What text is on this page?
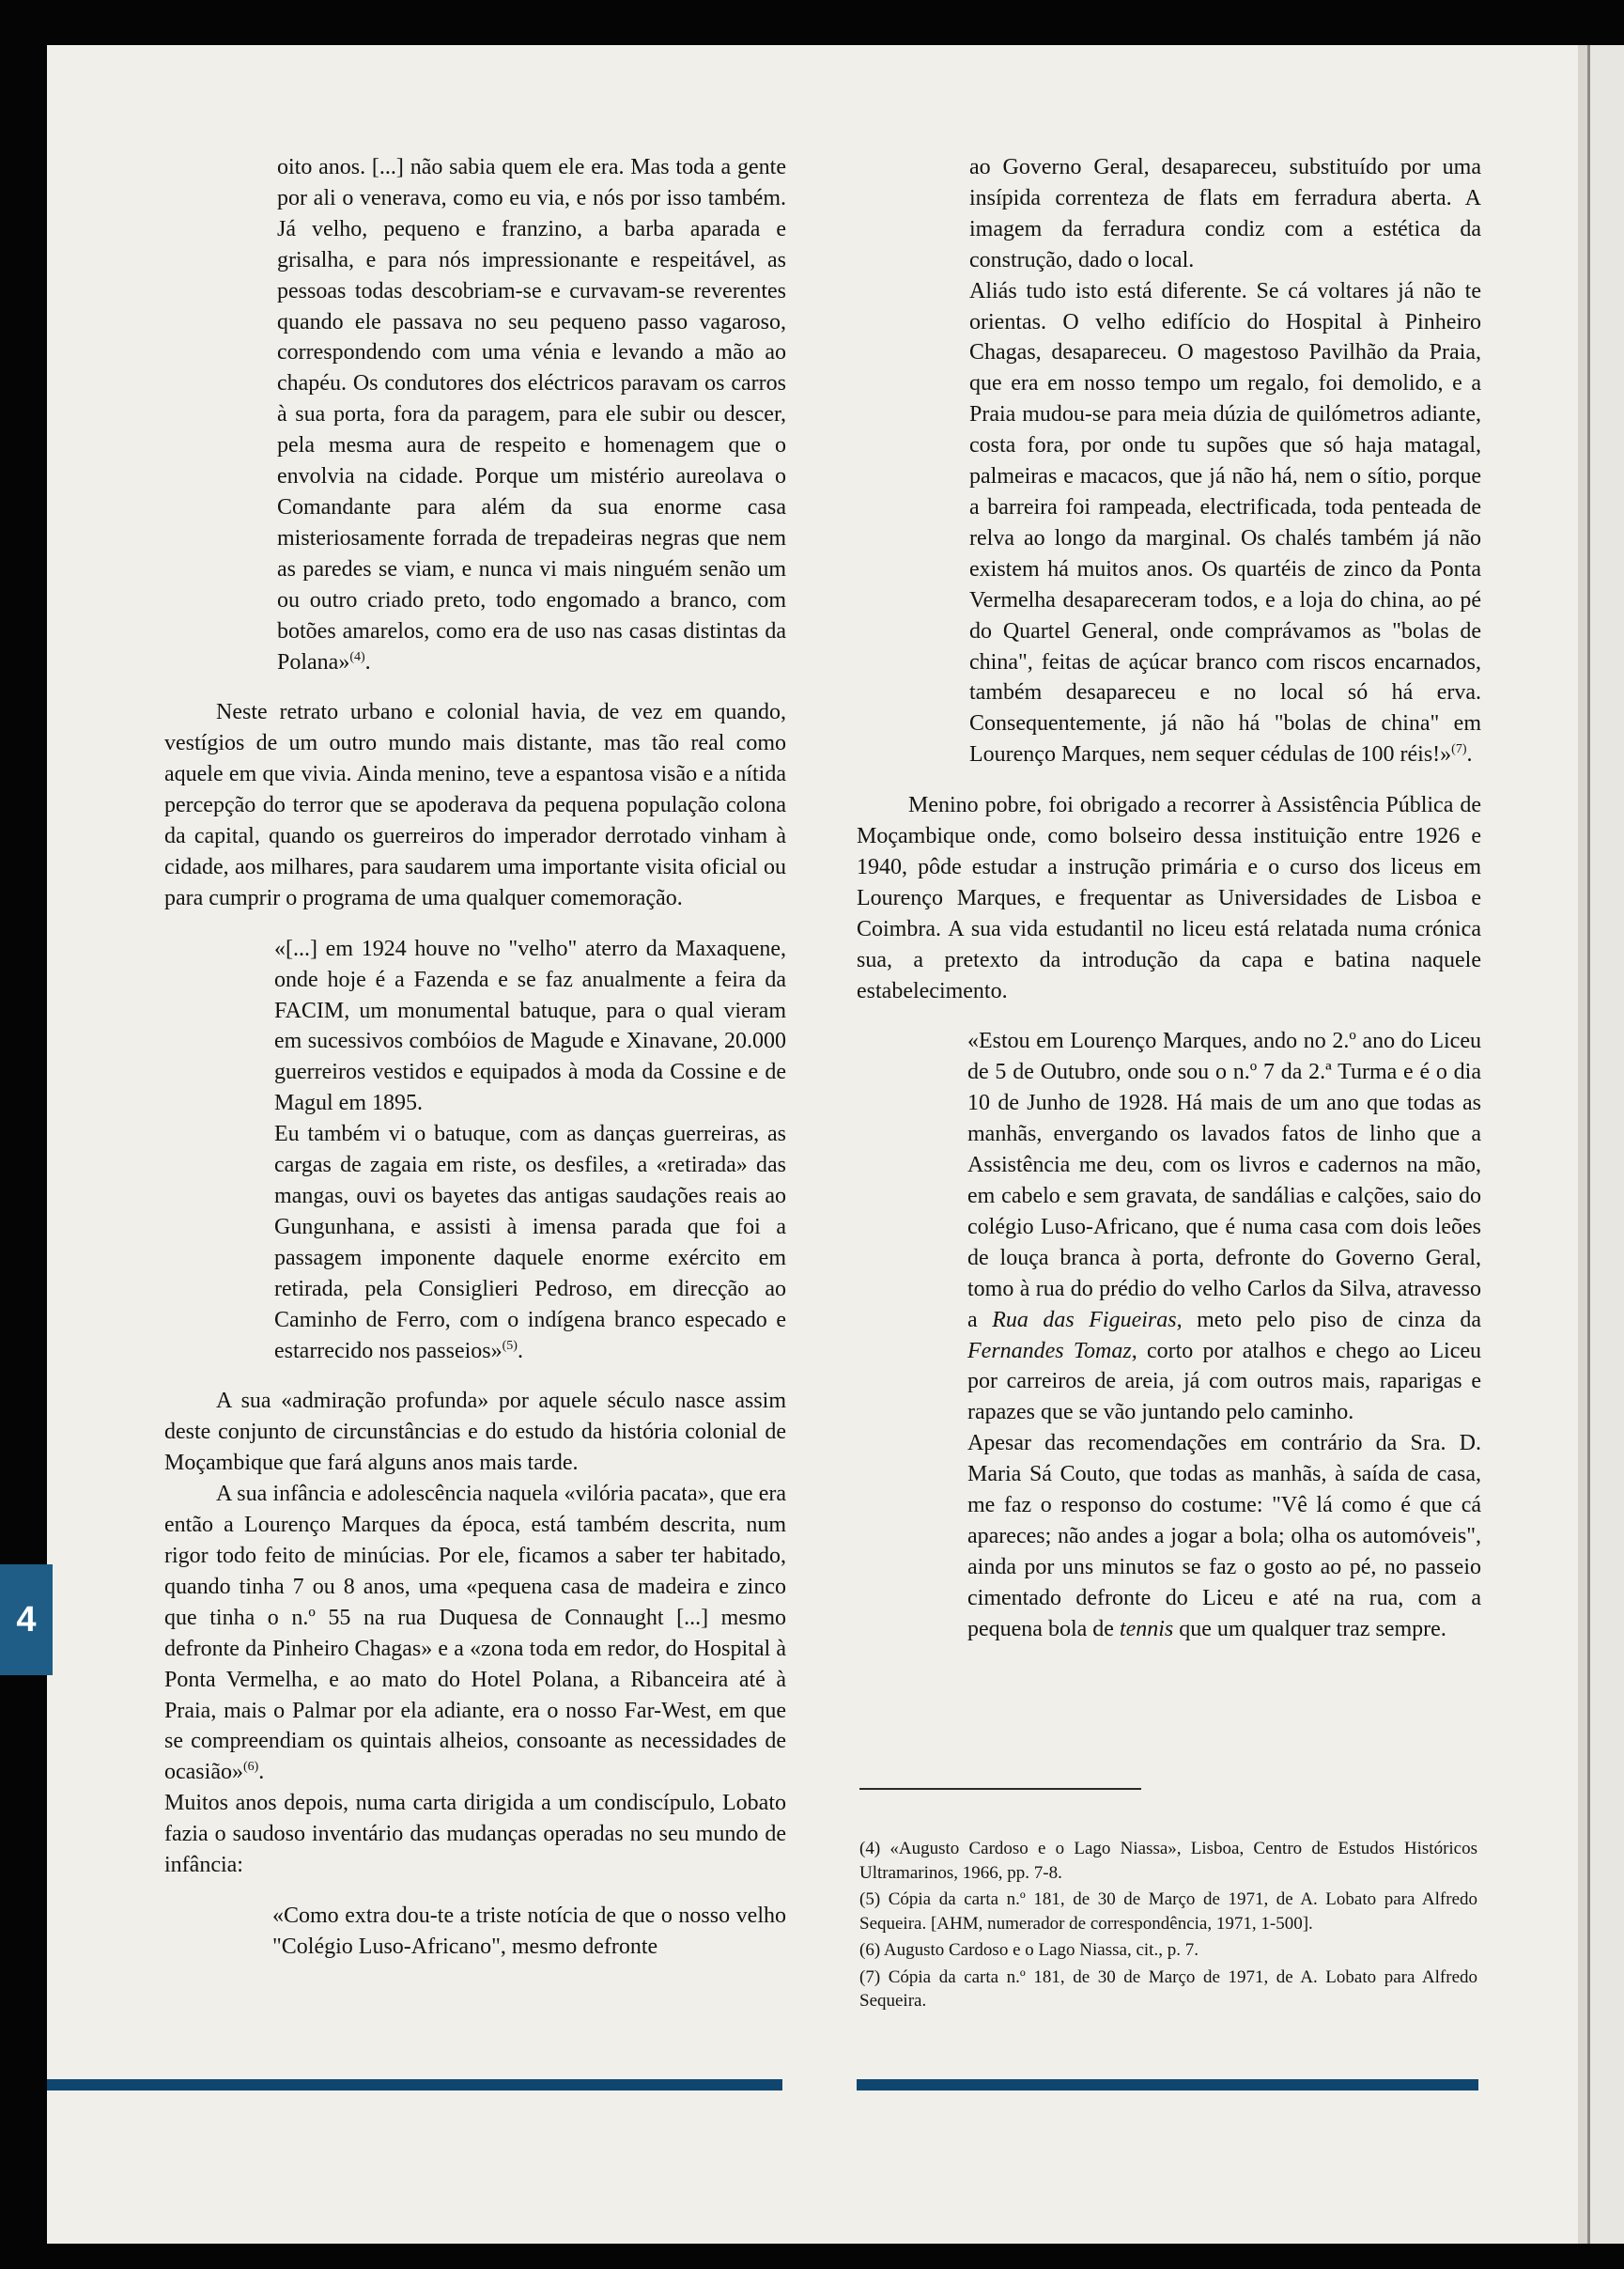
4

oito anos. [...] não sabia quem ele era. Mas toda a gente por ali o venerava, como eu via, e nós por isso também. Já velho, pequeno e franzino, a barba aparada e grisalha, e para nós impressionante e respeitável, as pessoas todas descobriam-se e curvavam-se reverentes quando ele passava no seu pequeno passo vagaroso, correspondendo com uma vénia e levando a mão ao chapéu. Os condutores dos eléctricos paravam os carros à sua porta, fora da paragem, para ele subir ou descer, pela mesma aura de respeito e homenagem que o envolvia na cidade. Porque um mistério aureolava o Comandante para além da sua enorme casa misteriosamente forrada de trepadeiras negras que nem as paredes se viam, e nunca vi mais ninguém senão um ou outro criado preto, todo engomado a branco, com botões amarelos, como era de uso nas casas distintas da Polana»$^{(4)}$.

Neste retrato urbano e colonial havia, de vez em quando, vestígios de um outro mundo mais distante, mas tão real como aquele em que vivia. Ainda menino, teve a espantosa visão e a nítida percepção do terror que se apoderava da pequena população colona da capital, quando os guerreiros do imperador derrotado vinham à cidade, aos milhares, para saudarem uma importante visita oficial ou para cumprir o programa de uma qualquer comemoração.

«[...] em 1924 houve no "velho" aterro da Maxaquene, onde hoje é a Fazenda e se faz anualmente a feira da FACIM, um monumental batuque, para o qual vieram em sucessivos combóios de Magude e Xinavane, 20.000 guerreiros vestidos e equipados à moda da Cossine e de Magul em 1895.

Eu também vi o batuque, com as danças guerreiras, as cargas de zagaia em riste, os desfiles, a «retirada» das mangas, ouvi os bayetes das antigas saudações reais ao Gungunhana, e assisti à imensa parada que foi a passagem imponente daquele enorme exército em retirada, pela Consiglieri Pedroso, em direcção ao Caminho de Ferro, com o indígena branco especado e estarrecido nos passeios»$^{(5)}$.

A sua «admiração profunda» por aquele século nasce assim deste conjunto de circunstâncias e do estudo da história colonial de Moçambique que fará alguns anos mais tarde.

A sua infância e adolescência naquela «vilória pacata», que era então a Lourenço Marques da época, está também descrita, num rigor todo feito de minúcias. Por ele, ficamos a saber ter habitado, quando tinha 7 ou 8 anos, uma «pequena casa de madeira e zinco que tinha o n.º 55 na rua Duquesa de Connaught [...] mesmo defronte da Pinheiro Chagas» e a «zona toda em redor, do Hospital à Ponta Vermelha, e ao mato do Hotel Polana, a Ribanceira até à Praia, mais o Palmar por ela adiante, era o nosso Far-West, em que se compreendiam os quintais alheios, consoante as necessidades de ocasião»$^{(6)}$.

Muitos anos depois, numa carta dirigida a um condiscípulo, Lobato fazia o saudoso inventário das mudanças operadas no seu mundo de infância:

«Como extra dou-te a triste notícia de que o nosso velho "Colégio Luso-Africano", mesmo defronte

ao Governo Geral, desapareceu, substituído por uma insípida correnteza de flats em ferradura aberta. A imagem da ferradura condiz com a estética da construção, dado o local.

Aliás tudo isto está diferente. Se cá voltares já não te orientas. O velho edifício do Hospital à Pinheiro Chagas, desapareceu. O magestoso Pavilhão da Praia, que era em nosso tempo um regalo, foi demolido, e a Praia mudou-se para meia dúzia de quilómetros adiante, costa fora, por onde tu supões que só haja matagal, palmeiras e macacos, que já não há, nem o sítio, porque a barreira foi rampeada, electrificada, toda penteada de relva ao longo da marginal. Os chalés também já não existem há muitos anos. Os quartéis de zinco da Ponta Vermelha desapareceram todos, e a loja do china, ao pé do Quartel General, onde comprávamos as "bolas de china", feitas de açúcar branco com riscos encarnados, também desapareceu e no local só há erva. Consequentemente, já não há "bolas de china" em Lourenço Marques, nem sequer cédulas de 100 réis!»$^{(7)}$.

Menino pobre, foi obrigado a recorrer à Assistência Pública de Moçambique onde, como bolseiro dessa instituição entre 1926 e 1940, pôde estudar a instrução primária e o curso dos liceus em Lourenço Marques, e frequentar as Universidades de Lisboa e Coimbra. A sua vida estudantil no liceu está relatada numa crónica sua, a pretexto da introdução da capa e batina naquele estabelecimento.

«Estou em Lourenço Marques, ando no 2.º ano do Liceu de 5 de Outubro, onde sou o n.º 7 da 2.ª Turma e é o dia 10 de Junho de 1928. Há mais de um ano que todas as manhãs, envergando os lavados fatos de linho que a Assistência me deu, com os livros e cadernos na mão, em cabelo e sem gravata, de sandálias e calções, saio do colégio Luso-Africano, que é numa casa com dois leões de louça branca à porta, defronte do Governo Geral, tomo à rua do prédio do velho Carlos da Silva, atravesso a Rua das Figueiras, meto pelo piso de cinza da Fernandes Tomaz, corto por atalhos e chego ao Liceu por carreiros de areia, já com outros mais, raparigas e rapazes que se vão juntando pelo caminho.

Apesar das recomendações em contrário da Sra. D. Maria Sá Couto, que todas as manhãs, à saída de casa, me faz o responso do costume: "Vê lá como é que cá apareces; não andes a jogar a bola; olha os automóveis", ainda por uns minutos se faz o gosto ao pé, no passeio cimentado defronte do Liceu e até na rua, com a pequena bola de tennis que um qualquer traz sempre.

(4) «Augusto Cardoso e o Lago Niassa», Lisboa, Centro de Estudos Históricos Ultramarinos, 1966, pp. 7-8.

(5) Cópia da carta n.º 181, de 30 de Março de 1971, de A. Lobato para Alfredo Sequeira. [AHM, numerador de correspondência, 1971, 1-500].

(6) Augusto Cardoso e o Lago Niassa, cit., p. 7.

(7) Cópia da carta n.º 181, de 30 de Março de 1971, de A. Lobato para Alfredo Sequeira.
